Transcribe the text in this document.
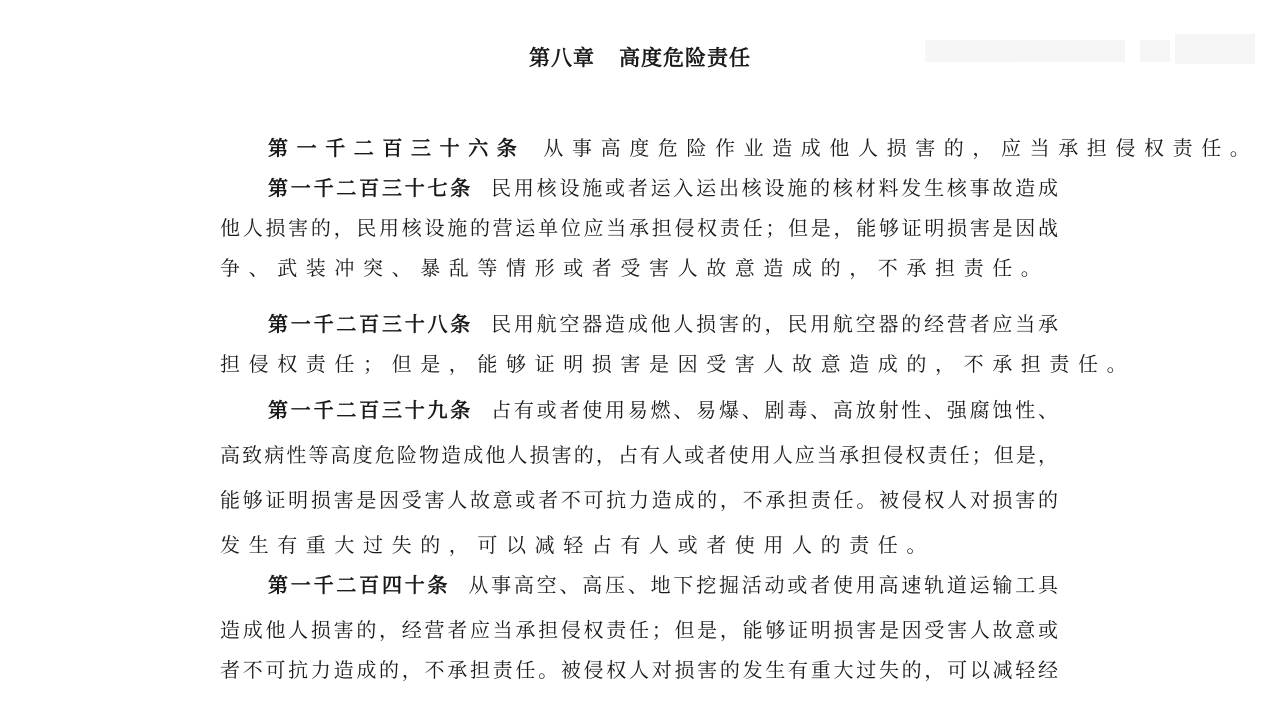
第八章 高度危险责任
第一千二百三十六条 从事高度危险作业造成他人损害的，应当承担侵权责任。
第一千二百三十七条 民用核设施或者运入运出核设施的核材料发生核事故造成
他人损害的，民用核设施的营运单位应当承担侵权责任；但是，能够证明损害是因战
争、武装冲突、暴乱等情形或者受害人故意造成的，不承担责任。
第一千二百三十八条 民用航空器造成他人损害的，民用航空器的经营者应当承
担侵权责任；但是，能够证明损害是因受害人故意造成的，不承担责任。
第一千二百三十九条 占有或者使用易燃、易爆、剧毒、高放射性、强腐蚀性、
高致病性等高度危险物造成他人损害的，占有人或者使用人应当承担侵权责任；但是，
能够证明损害是因受害人故意或者不可抗力造成的，不承担责任。被侵权人对损害的
发生有重大过失的，可以减轻占有人或者使用人的责任。
第一千二百四十条 从事高空、高压、地下挖掘活动或者使用高速轨道运输工具
造成他人损害的，经营者应当承担侵权责任；但是，能够证明损害是因受害人故意或
者不可抗力造成的，不承担责任。被侵权人对损害的发生有重大过失的，可以减轻经
